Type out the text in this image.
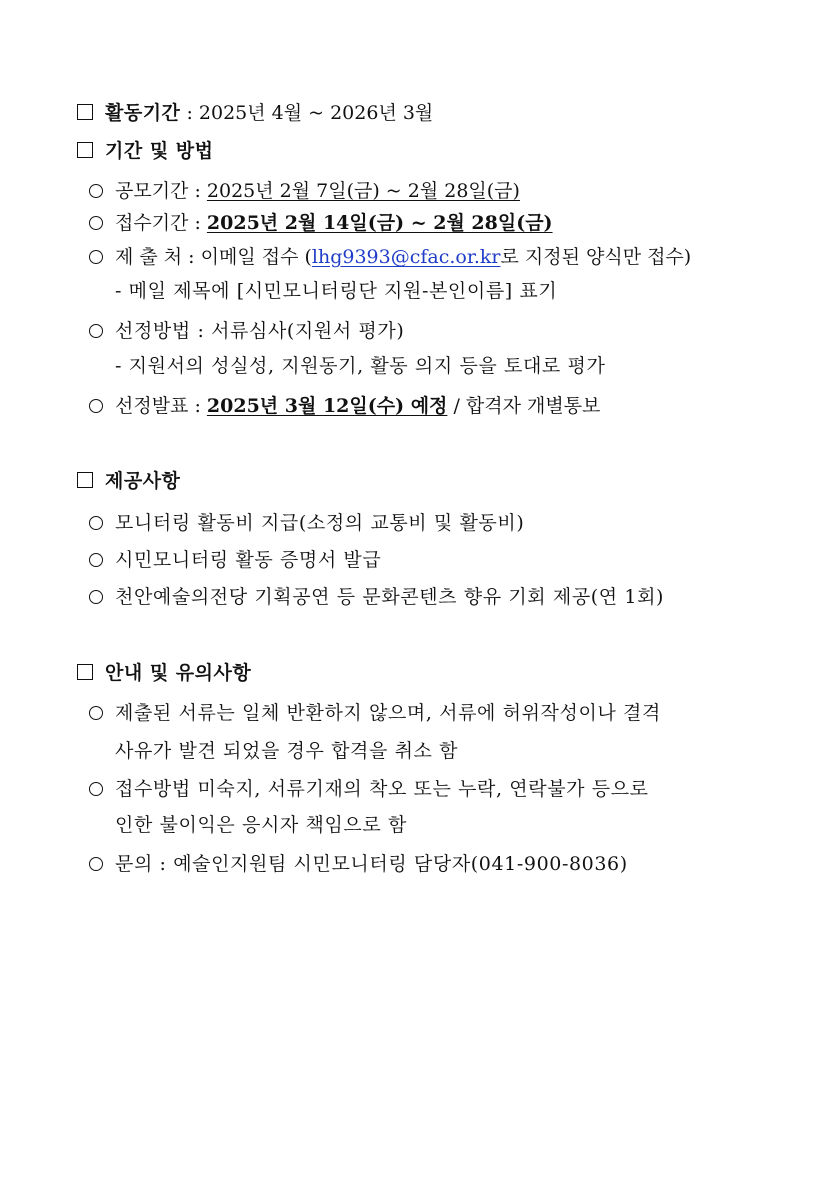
활동기간 : 2025년 4월 ~ 2026년 3월
기간 및 방법
공모기간 : 2025년 2월 7일(금) ~ 2월 28일(금)
접수기간 : 2025년 2월 14일(금) ~ 2월 28일(금)
제 출 처 : 이메일 접수 (lhg9393@cfac.or.kr로 지정된 양식만 접수)
- 메일 제목에 [시민모니터링단 지원-본인이름] 표기
선정방법 : 서류심사(지원서 평가)
- 지원서의 성실성, 지원동기, 활동 의지 등을 토대로 평가
선정발표 : 2025년 3월 12일(수) 예정 / 합격자 개별통보
제공사항
모니터링 활동비 지급(소정의 교통비 및 활동비)
시민모니터링 활동 증명서 발급
천안예술의전당 기획공연 등 문화콘텐츠 향유 기회 제공(연 1회)
안내 및 유의사항
제출된 서류는 일체 반환하지 않으며, 서류에 허위작성이나 결격
사유가 발견 되었을 경우 합격을 취소 함
접수방법 미숙지, 서류기재의 착오 또는 누락, 연락불가 등으로
인한 불이익은 응시자 책임으로 함
문의 : 예술인지원팀 시민모니터링 담당자(041-900-8036)
